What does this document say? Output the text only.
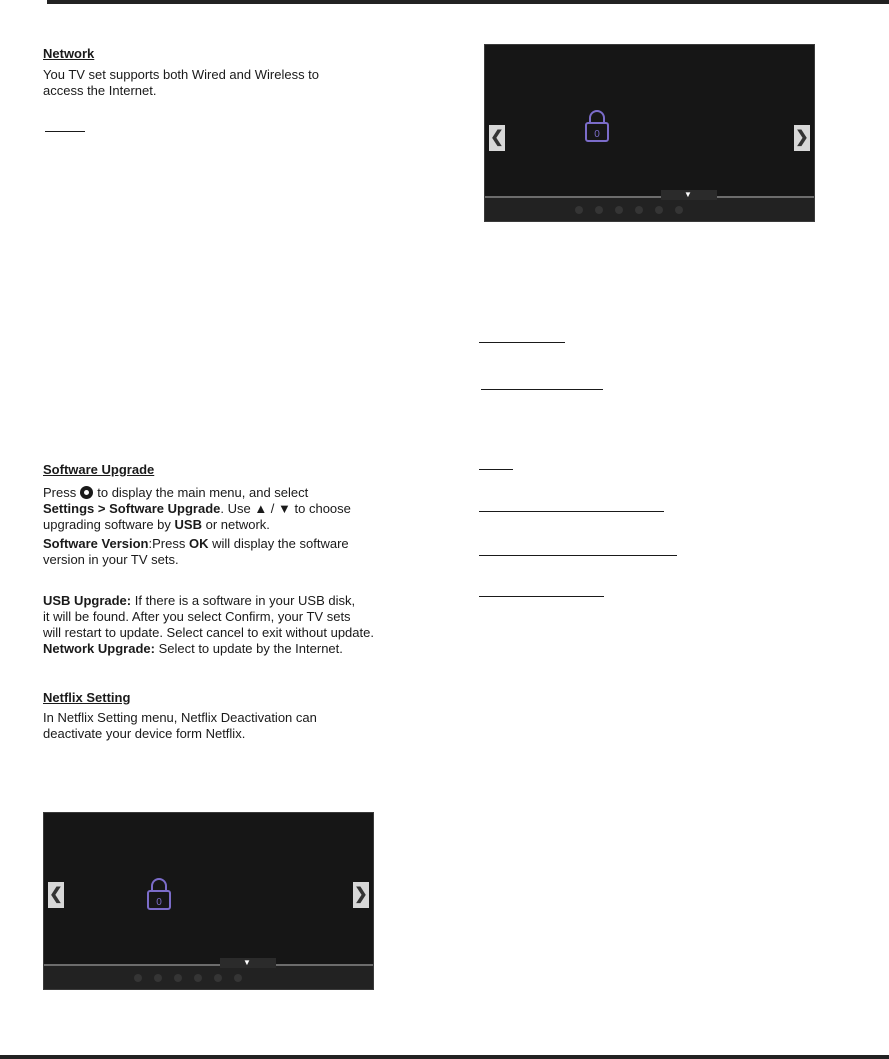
Network
You TV set supports both Wired and Wireless to
access the Internet.
❮	0	❯
▼
Software Upgrade
Press to display the main menu, and select
Settings > Software Upgrade. Use ▲ / ▼ to choose
upgrading software by USB or network.
Software Version:Press OK will display the software
version in your TV sets.
USB Upgrade: If there is a software in your USB disk,
it will be found. After you select Confirm, your TV sets
will restart to update. Select cancel to exit without update.
Network Upgrade: Select to update by the Internet.
Netflix Setting
In Netflix Setting menu, Netflix Deactivation can
deactivate your device form Netflix.
❮	0	❯
▼
